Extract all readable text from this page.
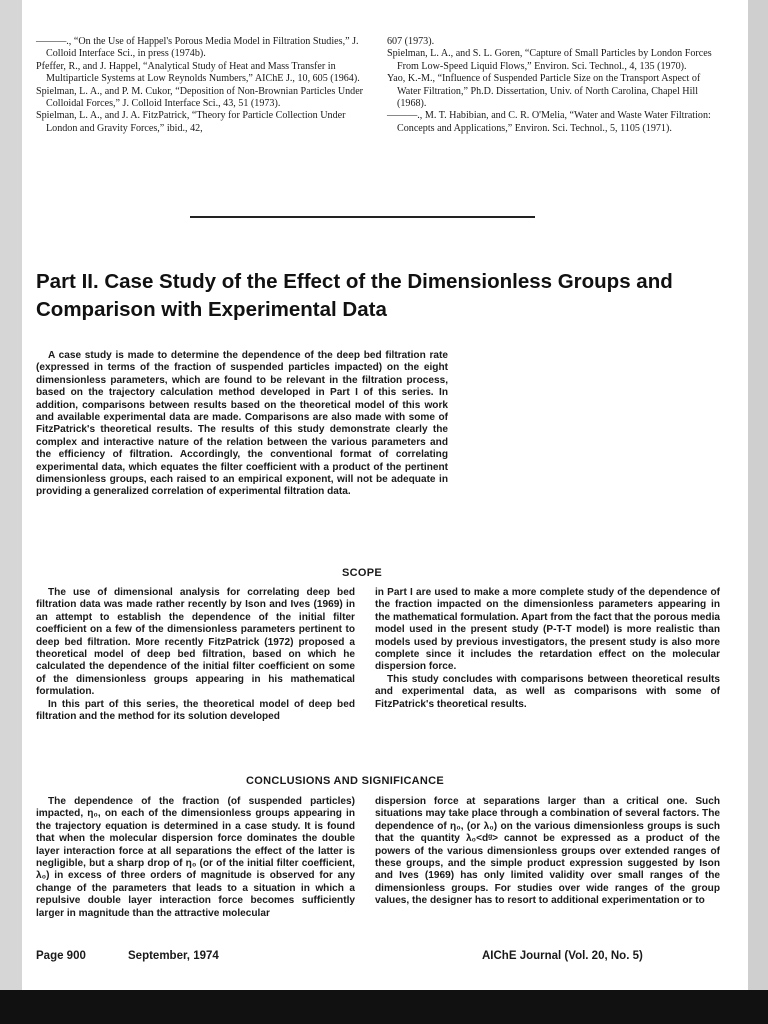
———., “On the Use of Happel's Porous Media Model in Filtration Studies,” J. Colloid Interface Sci., in press (1974b).

Pfeffer, R., and J. Happel, “Analytical Study of Heat and Mass Transfer in Multiparticle Systems at Low Reynolds Numbers,” AIChE J., 10, 605 (1964).

Spielman, L. A., and P. M. Cukor, “Deposition of Non-Brownian Particles Under Colloidal Forces,” J. Colloid Interface Sci., 43, 51 (1973).

Spielman, L. A., and J. A. FitzPatrick, “Theory for Particle Collection Under London and Gravity Forces,” ibid., 42,

607 (1973).

Spielman, L. A., and S. L. Goren, “Capture of Small Particles by London Forces From Low-Speed Liquid Flows,” Environ. Sci. Technol., 4, 135 (1970).

Yao, K.-M., “Influence of Suspended Particle Size on the Transport Aspect of Water Filtration,” Ph.D. Dissertation, Univ. of North Carolina, Chapel Hill (1968).

———., M. T. Habibian, and C. R. O'Melia, “Water and Waste Water Filtration: Concepts and Applications,” Environ. Sci. Technol., 5, 1105 (1971).

Part II. Case Study of the Effect of the Dimensionless Groups and Comparison with Experimental Data

A case study is made to determine the dependence of the deep bed filtration rate (expressed in terms of the fraction of suspended particles impacted) on the eight dimensionless parameters, which are found to be relevant in the filtration process, based on the trajectory calculation method developed in Part I of this series. In addition, comparisons between results based on the theoretical model of this work and available experimental data are made. Comparisons are also made with some of FitzPatrick's theoretical results. The results of this study demonstrate clearly the complex and interactive nature of the relation between the various parameters and the efficiency of filtration. Accordingly, the conventional format of correlating experimental data, which equates the filter coefficient with a product of the pertinent dimensionless groups, each raised to an empirical exponent, will not be adequate in providing a generalized correlation of experimental filtration data.

SCOPE

The use of dimensional analysis for correlating deep bed filtration data was made rather recently by Ison and Ives (1969) in an attempt to establish the dependence of the initial filter coefficient on a few of the dimensionless parameters pertinent to deep bed filtration. More recently FitzPatrick (1972) proposed a theoretical model of deep bed filtration, based on which he calculated the dependence of the initial filter coefficient on some of the dimensionless groups appearing in his mathematical formulation.

In this part of this series, the theoretical model of deep bed filtration and the method for its solution developed

in Part I are used to make a more complete study of the dependence of the fraction impacted on the dimensionless parameters appearing in the mathematical formulation. Apart from the fact that the porous media model used in the present study (P-T-T model) is more realistic than models used by previous investigators, the present study is also more complete since it includes the retardation effect on the molecular dispersion force.

This study concludes with comparisons between theoretical results and experimental data, as well as comparisons with some of FitzPatrick's theoretical results.

CONCLUSIONS AND SIGNIFICANCE

The dependence of the fraction (of suspended particles) impacted, η₀, on each of the dimensionless groups appearing in the trajectory equation is determined in a case study. It is found that when the molecular dispersion force dominates the double layer interaction force at all separations the effect of the latter is negligible, but a sharp drop of η₀ (or of the initial filter coefficient, λ₀) in excess of three orders of magnitude is observed for any change of the parameters that leads to a situation in which a repulsive double layer interaction force becomes sufficiently larger in magnitude than the attractive molecular

dispersion force at separations larger than a critical one. Such situations may take place through a combination of several factors. The dependence of η₀, (or λ₀) on the various dimensionless groups is such that the quantity λ₀<dᵍ> cannot be expressed as a product of the powers of the various dimensionless groups over extended ranges of these groups, and the simple product expression suggested by Ison and Ives (1969) has only limited validity over small ranges of the dimensionless groups. For studies over wide ranges of the group values, the designer has to resort to additional experimentation or to

Page 900	September, 1974	AIChE Journal (Vol. 20, No. 5)
